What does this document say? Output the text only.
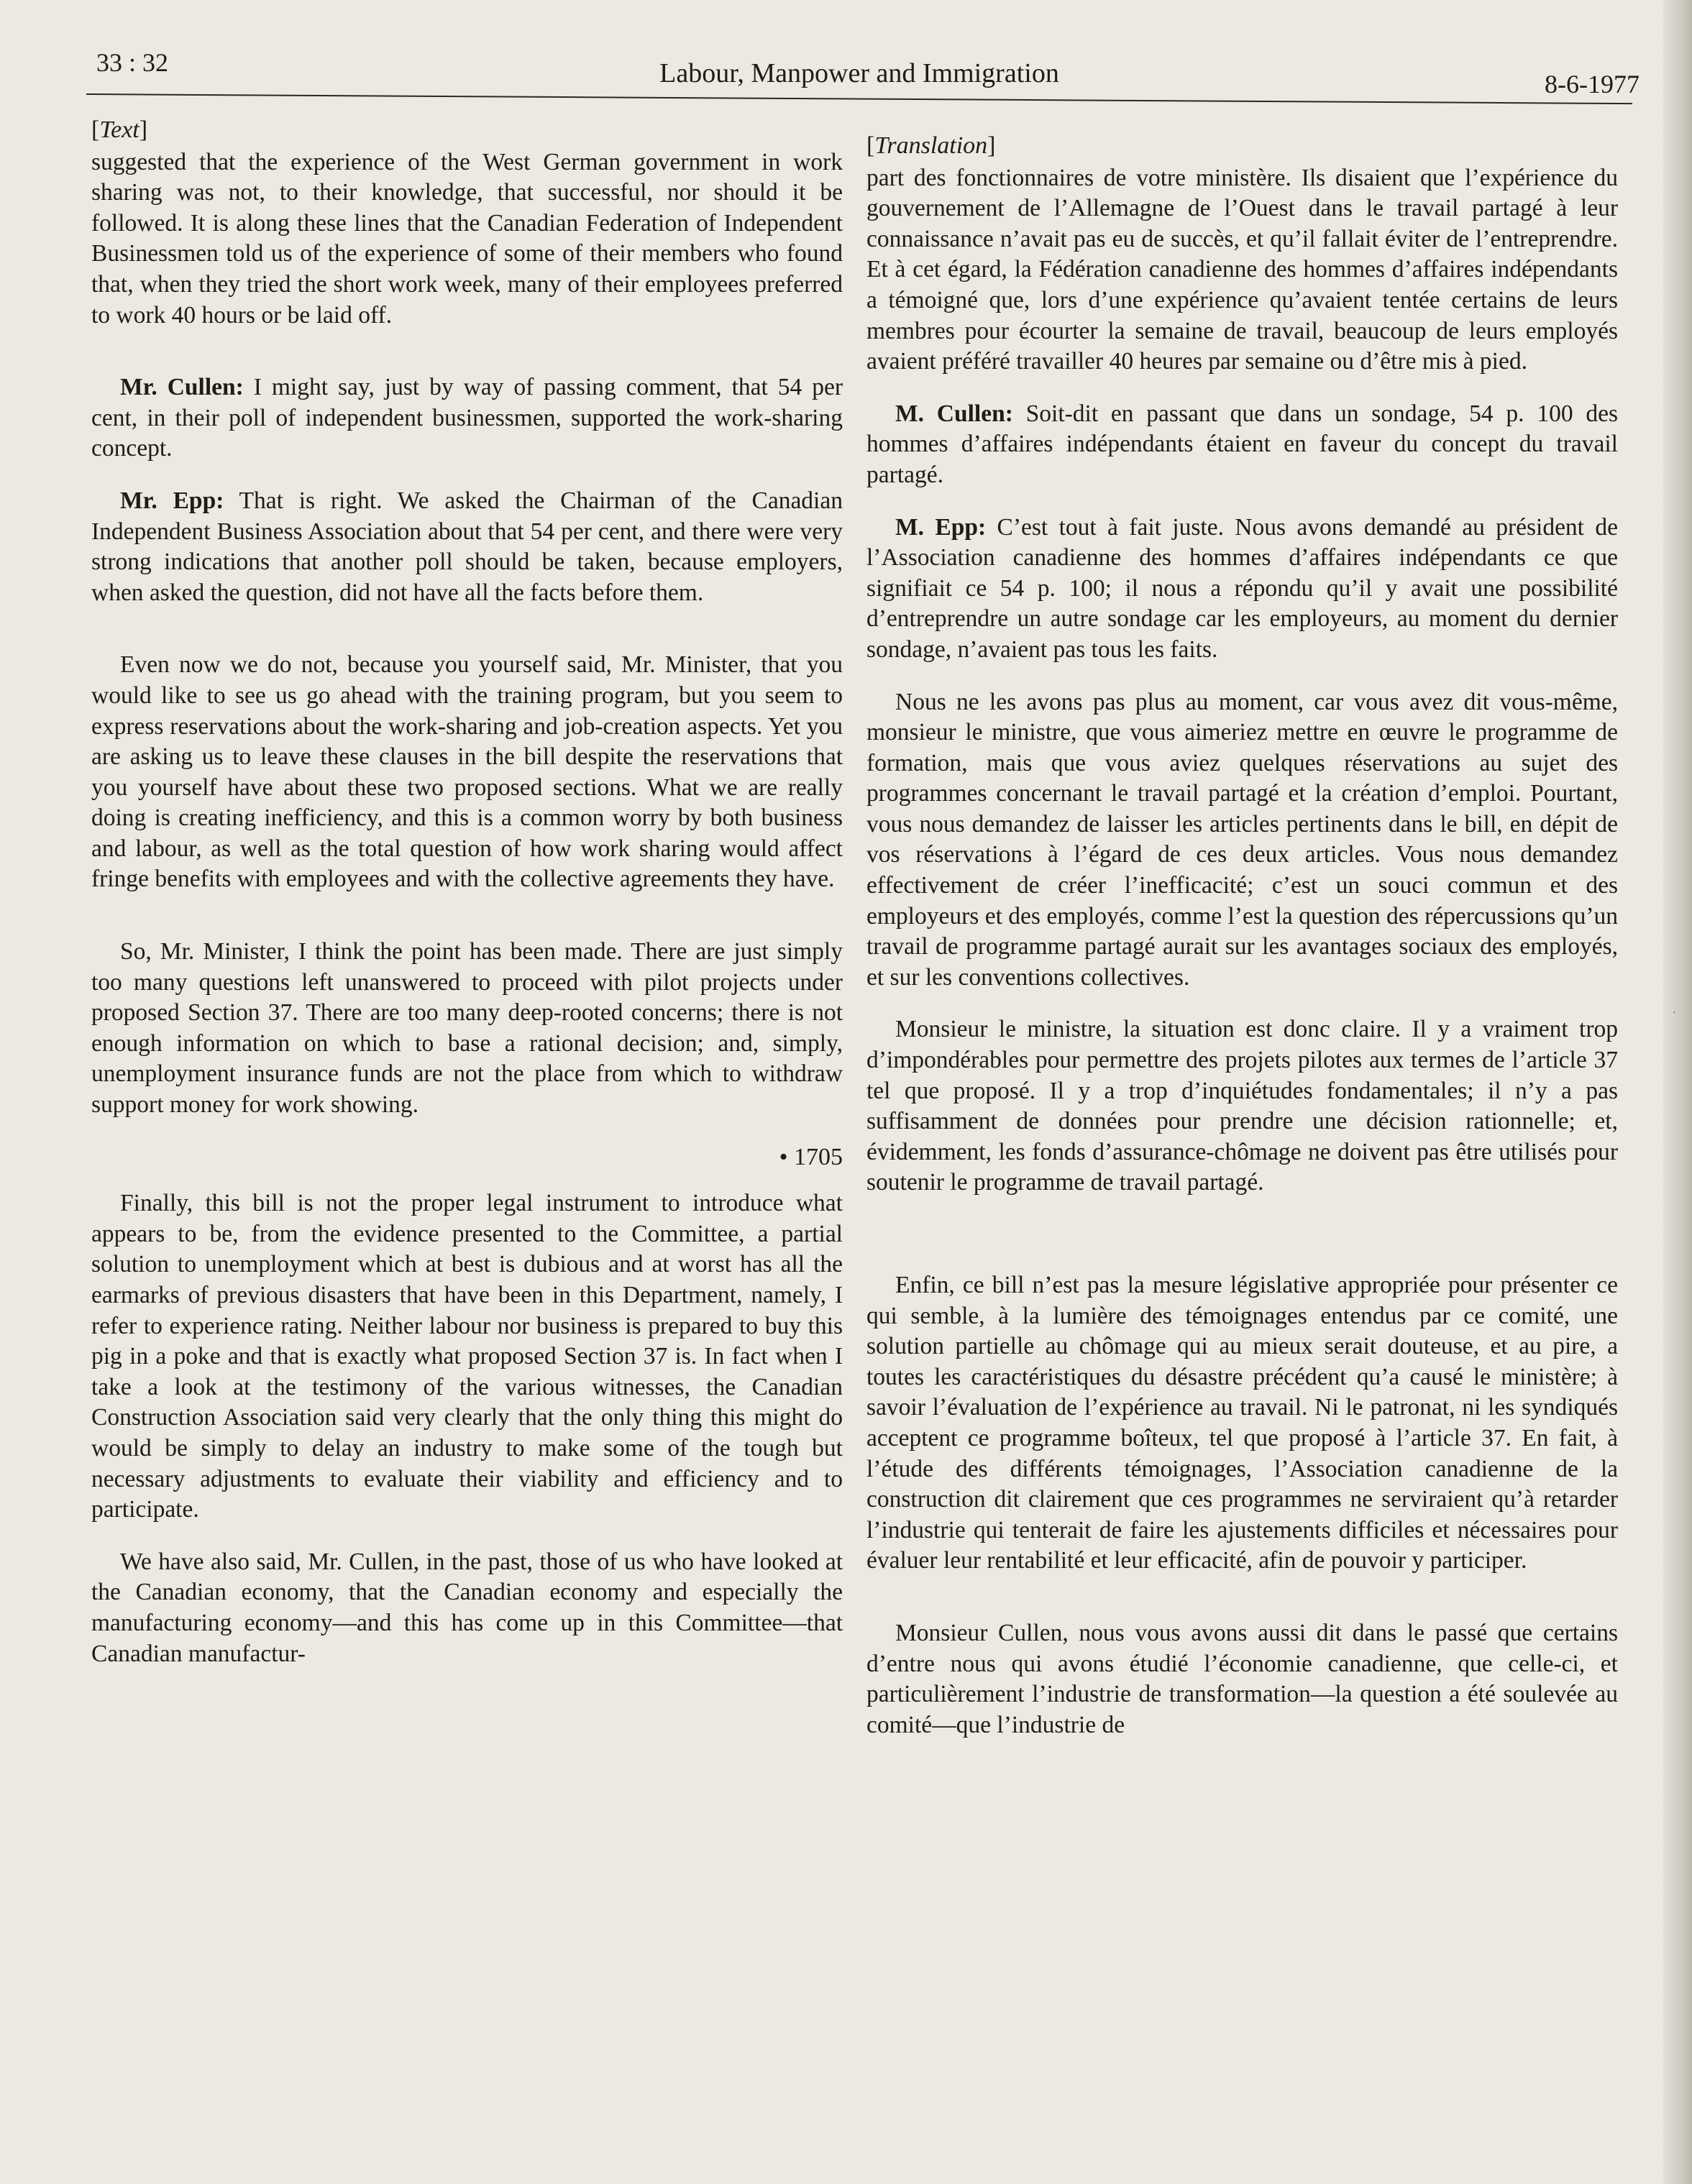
33 : 32	Labour, Manpower and Immigration	8-6-1977
[Text]

suggested that the experience of the West German government in work sharing was not, to their knowledge, that successful, nor should it be followed. It is along these lines that the Canadian Federation of Independent Businessmen told us of the experience of some of their members who found that, when they tried the short work week, many of their employees preferred to work 40 hours or be laid off.

Mr. Cullen: I might say, just by way of passing comment, that 54 per cent, in their poll of independent businessmen, supported the work-sharing concept.

Mr. Epp: That is right. We asked the Chairman of the Canadian Independent Business Association about that 54 per cent, and there were very strong indications that another poll should be taken, because employers, when asked the question, did not have all the facts before them.

Even now we do not, because you yourself said, Mr. Minister, that you would like to see us go ahead with the training program, but you seem to express reservations about the work-sharing and job-creation aspects. Yet you are asking us to leave these clauses in the bill despite the reservations that you yourself have about these two proposed sections. What we are really doing is creating inefficiency, and this is a common worry by both business and labour, as well as the total question of how work sharing would affect fringe benefits with employees and with the collective agreements they have.

So, Mr. Minister, I think the point has been made. There are just simply too many questions left unanswered to proceed with pilot projects under proposed Section 37. There are too many deep-rooted concerns; there is not enough information on which to base a rational decision; and, simply, unemployment insurance funds are not the place from which to withdraw support money for work showing.

• 1705

Finally, this bill is not the proper legal instrument to introduce what appears to be, from the evidence presented to the Committee, a partial solution to unemployment which at best is dubious and at worst has all the earmarks of previous disasters that have been in this Department, namely, I refer to experience rating. Neither labour nor business is prepared to buy this pig in a poke and that is exactly what proposed Section 37 is. In fact when I take a look at the testimony of the various witnesses, the Canadian Construction Association said very clearly that the only thing this might do would be simply to delay an industry to make some of the tough but necessary adjustments to evaluate their viability and efficiency and to participate.

We have also said, Mr. Cullen, in the past, those of us who have looked at the Canadian economy, that the Canadian economy and especially the manufacturing economy—and this has come up in this Committee—that Canadian manufactur-

[Translation]

part des fonctionnaires de votre ministère. Ils disaient que l’expérience du gouvernement de l’Allemagne de l’Ouest dans le travail partagé à leur connaissance n’avait pas eu de succès, et qu’il fallait éviter de l’entreprendre. Et à cet égard, la Fédération canadienne des hommes d’affaires indépendants a témoigné que, lors d’une expérience qu’avaient tentée certains de leurs membres pour écourter la semaine de travail, beaucoup de leurs employés avaient préféré travailler 40 heures par semaine ou d’être mis à pied.

M. Cullen: Soit-dit en passant que dans un sondage, 54 p. 100 des hommes d’affaires indépendants étaient en faveur du concept du travail partagé.

M. Epp: C’est tout à fait juste. Nous avons demandé au président de l’Association canadienne des hommes d’affaires indépendants ce que signifiait ce 54 p. 100; il nous a répondu qu’il y avait une possibilité d’entreprendre un autre sondage car les employeurs, au moment du dernier sondage, n’avaient pas tous les faits.

Nous ne les avons pas plus au moment, car vous avez dit vous-même, monsieur le ministre, que vous aimeriez mettre en œuvre le programme de formation, mais que vous aviez quelques réservations au sujet des programmes concernant le travail partagé et la création d’emploi. Pourtant, vous nous demandez de laisser les articles pertinents dans le bill, en dépit de vos réservations à l’égard de ces deux articles. Vous nous demandez effectivement de créer l’inefficacité; c’est un souci commun et des employeurs et des employés, comme l’est la question des répercussions qu’un travail de programme partagé aurait sur les avantages sociaux des employés, et sur les conventions collectives.

Monsieur le ministre, la situation est donc claire. Il y a vraiment trop d’impondérables pour permettre des projets pilotes aux termes de l’article 37 tel que proposé. Il y a trop d’inquiétudes fondamentales; il n’y a pas suffisamment de données pour prendre une décision rationnelle; et, évidemment, les fonds d’assurance-chômage ne doivent pas être utilisés pour soutenir le programme de travail partagé.

Enfin, ce bill n’est pas la mesure législative appropriée pour présenter ce qui semble, à la lumière des témoignages entendus par ce comité, une solution partielle au chômage qui au mieux serait douteuse, et au pire, a toutes les caractéristiques du désastre précédent qu’a causé le ministère; à savoir l’évaluation de l’expérience au travail. Ni le patronat, ni les syndiqués acceptent ce programme boîteux, tel que proposé à l’article 37. En fait, à l’étude des différents témoignages, l’Association canadienne de la construction dit clairement que ces programmes ne serviraient qu’à retarder l’industrie qui tenterait de faire les ajustements difficiles et nécessaires pour évaluer leur rentabilité et leur efficacité, afin de pouvoir y participer.

Monsieur Cullen, nous vous avons aussi dit dans le passé que certains d’entre nous qui avons étudié l’économie canadienne, que celle-ci, et particulièrement l’industrie de transformation—la question a été soulevée au comité—que l’industrie de

·
